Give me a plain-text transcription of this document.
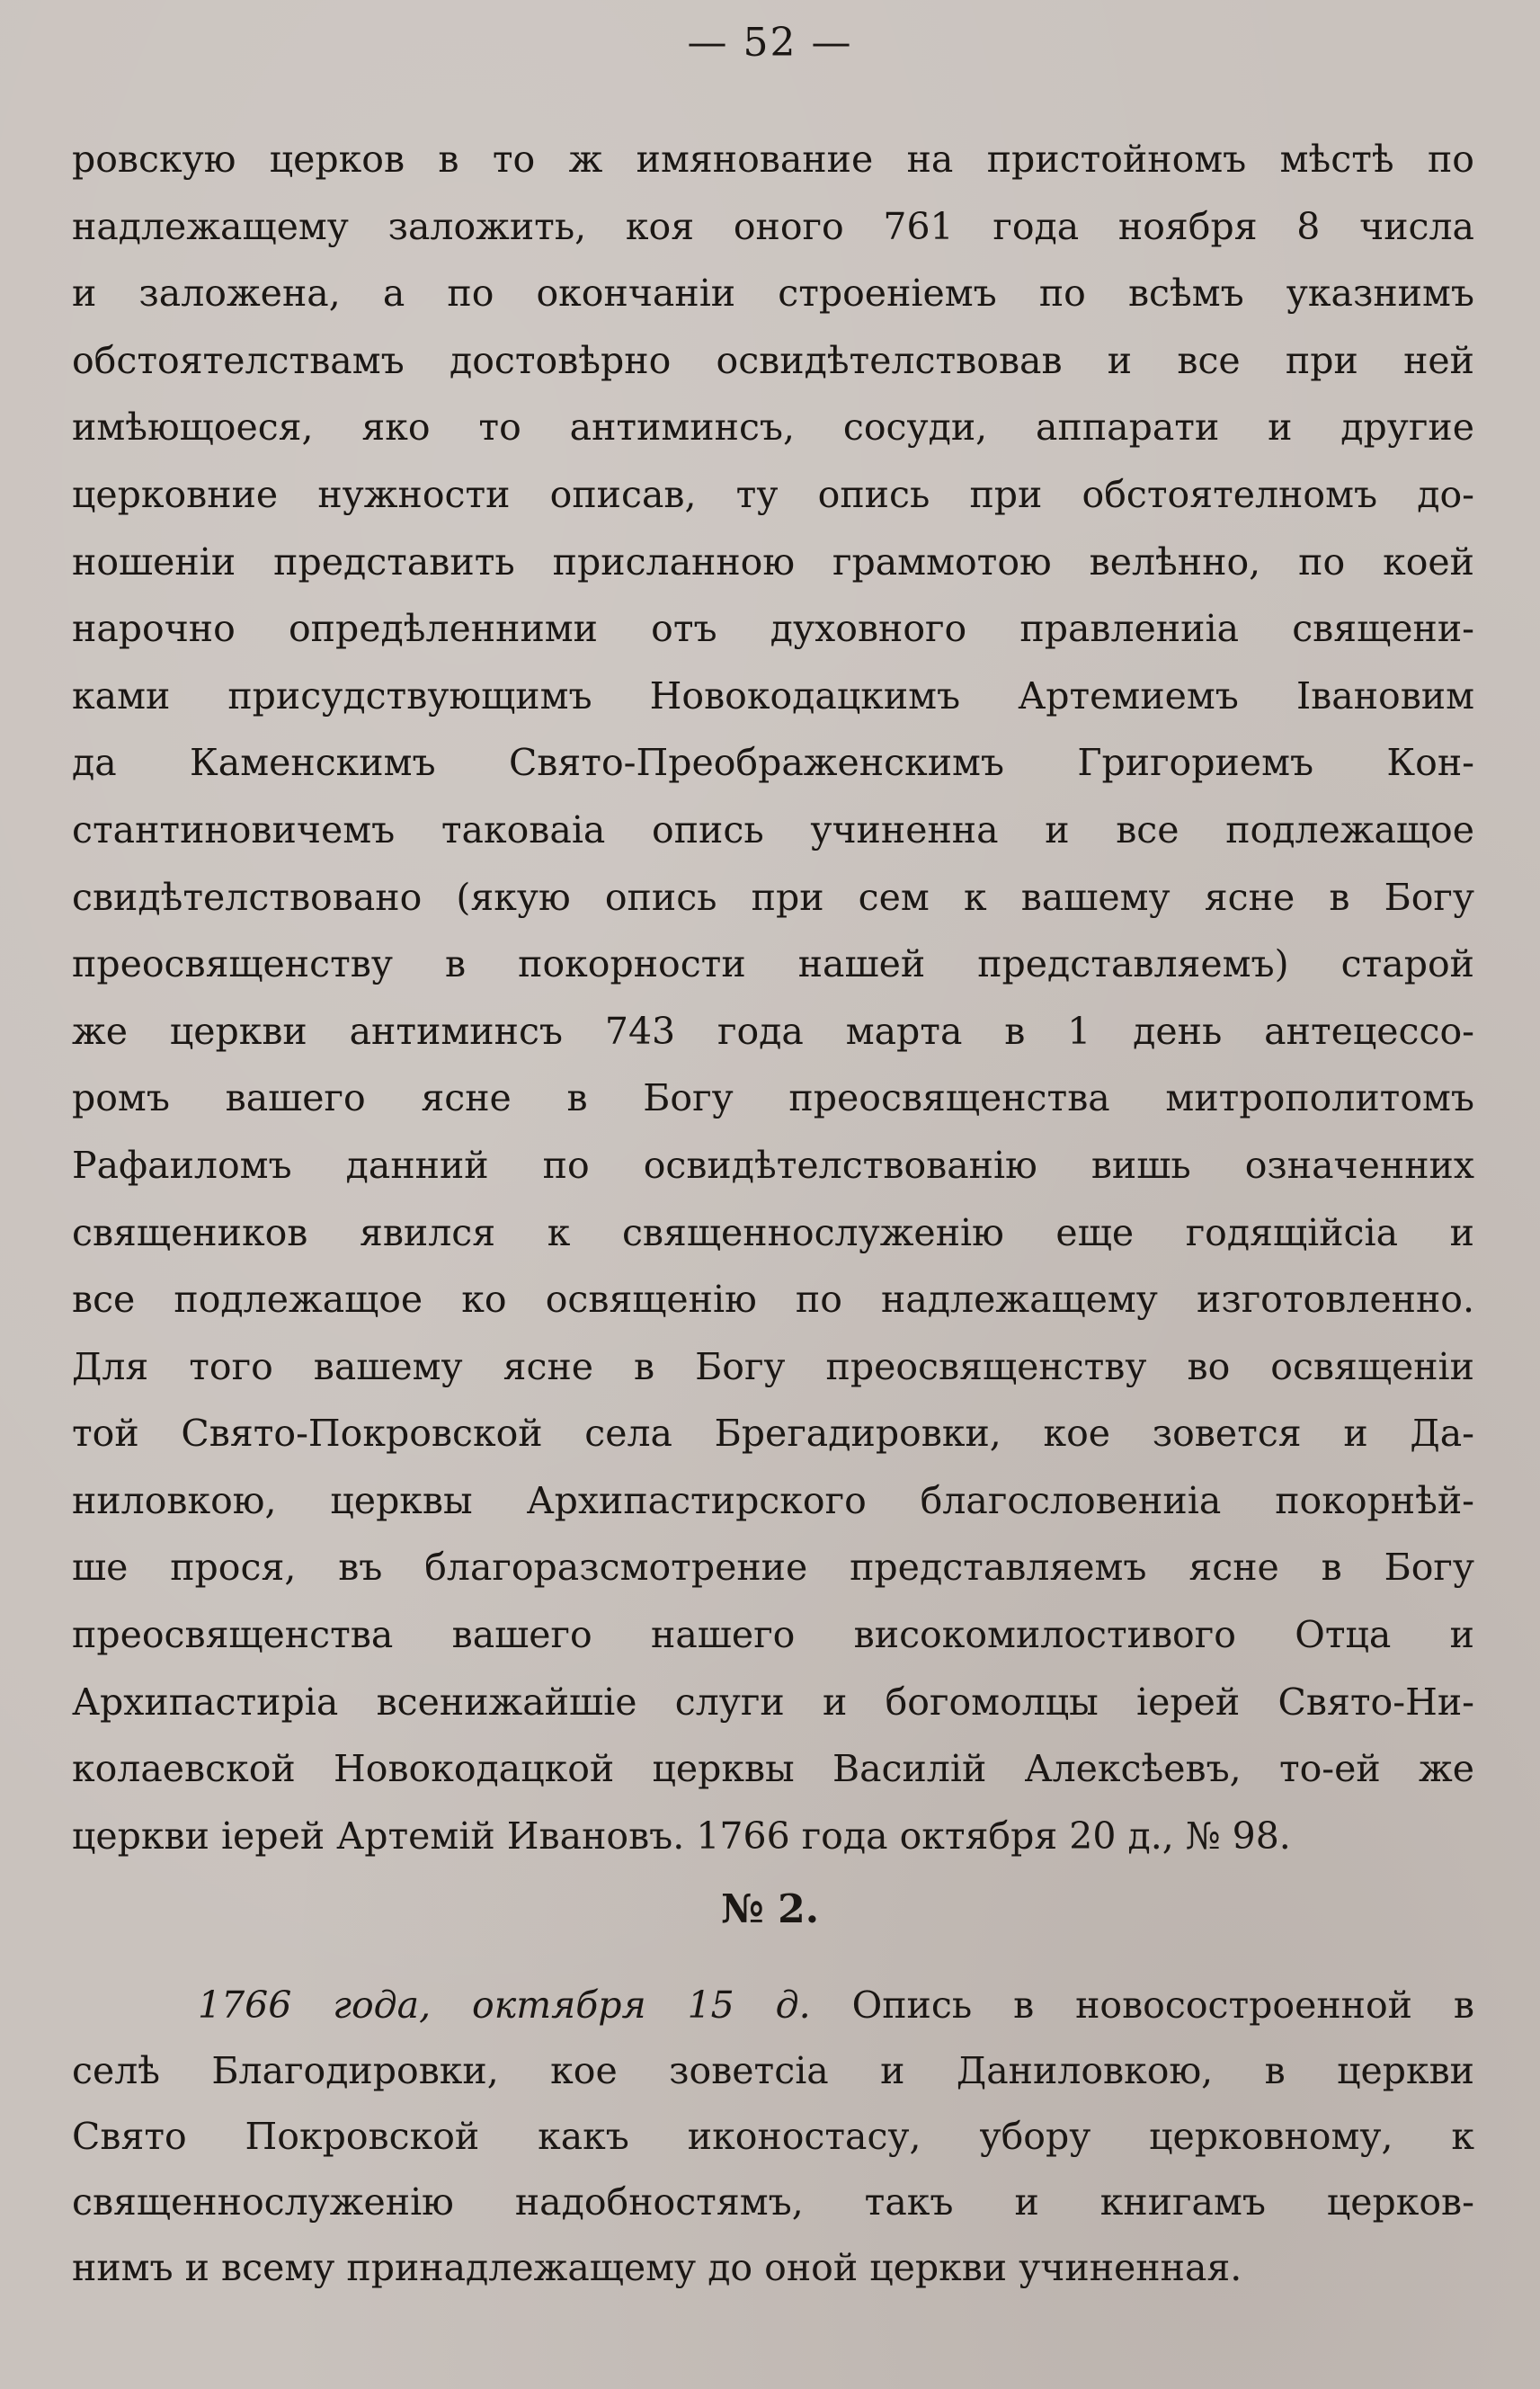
— 52 —
ровскую церков в то ж имянование на пристойномъ мѣстѣ по
надлежащему заложить, коя оного 761 года ноября 8 числа
и заложена, а по окончанiи строенiемъ по всѣмъ указнимъ
обстоятелствамъ достовѣрно освидѣтелствовав и все при ней
имѣющоеся, яко то антиминсъ, сосуди, аппарати и другие
церковние нужности описав, ту опись при обстоятелномъ до-
ношенiи представить присланною граммотою велѣнно, по коей
нарочно опредѣленними отъ духовного правлениiа священи-
ками присудствующимъ Новокодацкимъ Артемиемъ Iвановим
да Каменскимъ Свято-Преображенскимъ Григориемъ Кон-
стантиновичемъ таковаiа опись учиненна и все подлежащое
свидѣтелствовано (якую опись при сем к вашему ясне в Богу
преосвященству в покорности нашей представляемъ) старой
же церкви антиминсъ 743 года марта в 1 день антецессо-
ромъ вашего ясне в Богу преосвященства митрополитомъ
Рафаиломъ данний по освидѣтелствованiю вишь означенних
священиков явился к священнослуженiю еще годящiйсiа и
все подлежащое ко освященiю по надлежащему изготовленно.
Для того вашему ясне в Богу преосвященству во освященiи
той Свято-Покровской села Брегадировки, кое зовется и Да-
ниловкою, церквы Архипастирского благословениiа покорнѣй-
ше прося, въ благоразсмотрение представляемъ ясне в Богу
преосвященства вашего нашего високомилостивого Отца и
Архипастирiа всенижайшiе слуги и богомолцы iерей Свято-Ни-
колаевской Новокодацкой церквы Василiй Алексѣевъ, то-ей же
церкви iерей Артемiй Ивановъ. 1766 года октября 20 д., № 98.
№ 2.
1766 года, октября 15 д. Опись в новосостроенной в
селѣ Благодировки, кое зоветсiа и Даниловкою, в церкви
Свято Покровской какъ иконостасу, убору церковному, к
священнослуженiю надобностямъ, такъ и книгамъ церков-
нимъ и всему принадлежащему до оной церкви учиненная.
